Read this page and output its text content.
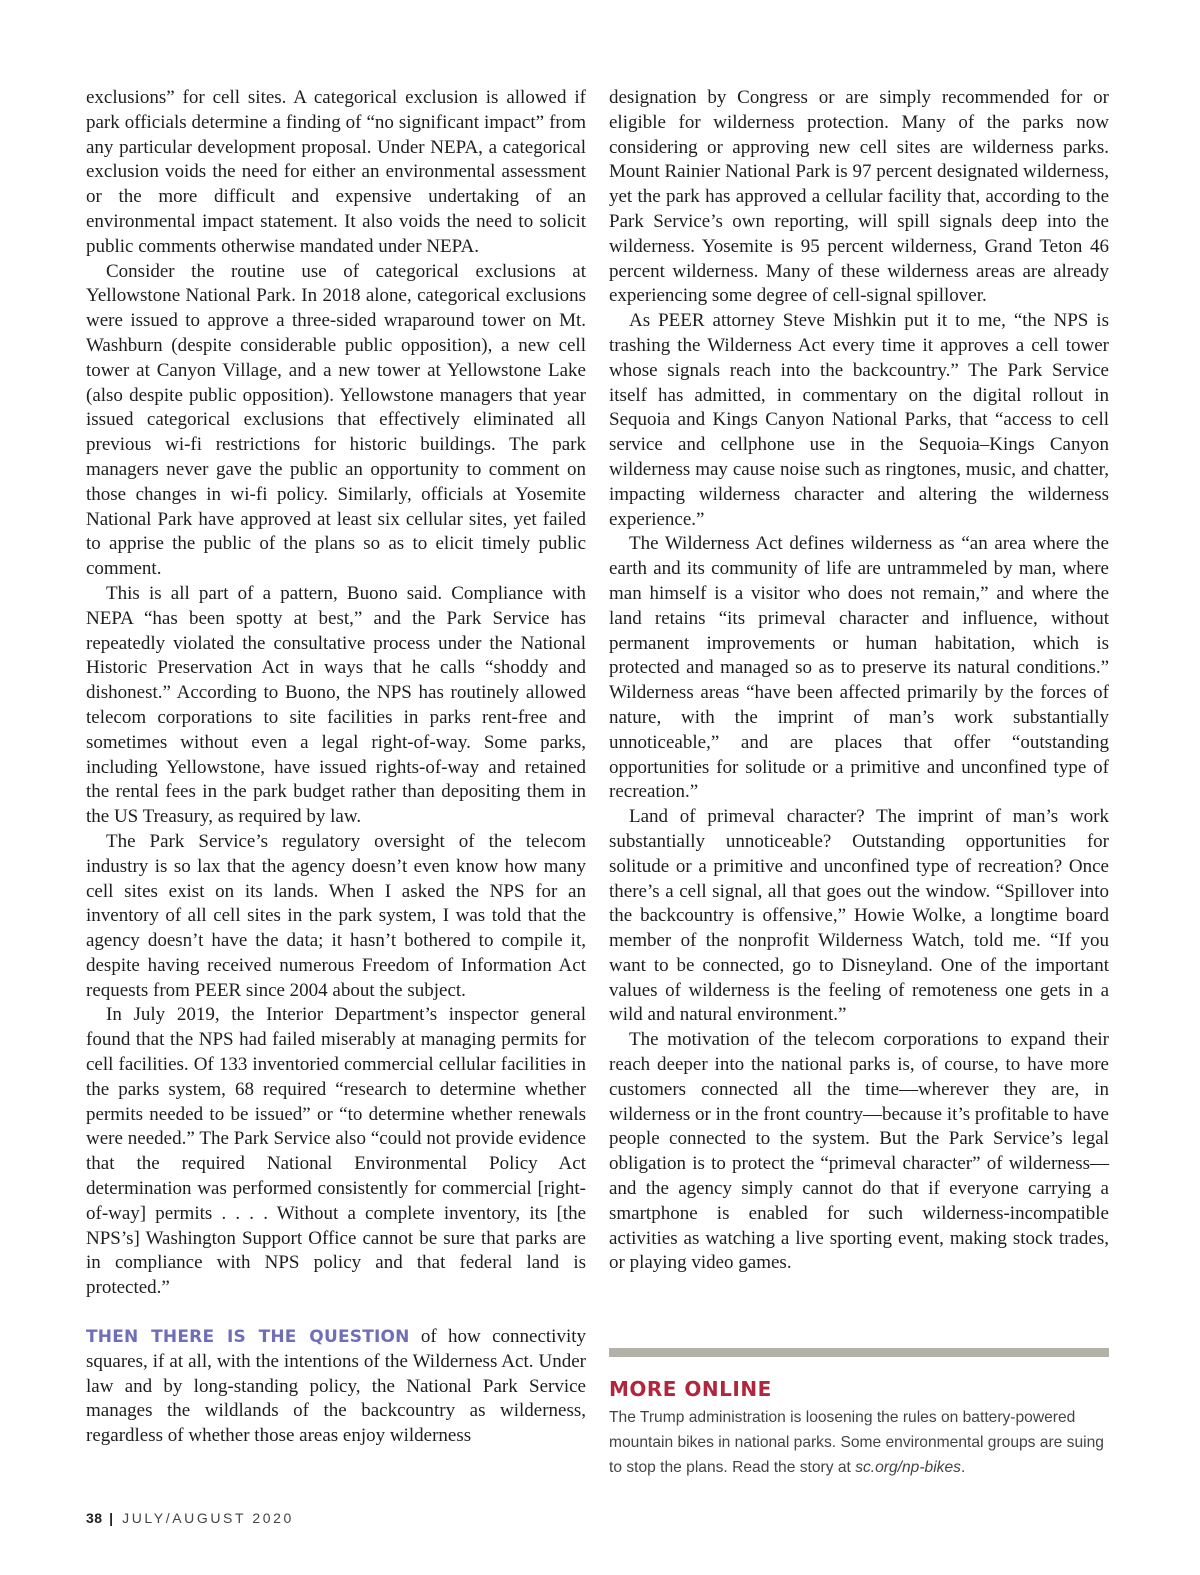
exclusions” for cell sites. A categorical exclusion is allowed if park officials determine a finding of “no significant impact” from any particular development proposal. Under NEPA, a categorical exclusion voids the need for either an environmental assessment or the more difficult and expensive undertaking of an environmental impact statement. It also voids the need to solicit public comments otherwise mandated under NEPA.

Consider the routine use of categorical exclusions at Yellowstone National Park. In 2018 alone, categorical exclusions were issued to approve a three-sided wraparound tower on Mt. Washburn (despite considerable public opposition), a new cell tower at Canyon Village, and a new tower at Yellowstone Lake (also despite public opposition). Yellowstone managers that year issued categorical exclusions that effectively eliminated all previous wi-fi restrictions for historic buildings. The park managers never gave the public an opportunity to comment on those changes in wi-fi policy. Similarly, officials at Yosemite National Park have approved at least six cellular sites, yet failed to apprise the public of the plans so as to elicit timely public comment.

This is all part of a pattern, Buono said. Compliance with NEPA “has been spotty at best,” and the Park Service has repeatedly violated the consultative process under the National Historic Preservation Act in ways that he calls “shoddy and dishonest.” According to Buono, the NPS has routinely allowed telecom corporations to site facilities in parks rent-free and sometimes without even a legal right-of-way. Some parks, including Yellowstone, have issued rights-of-way and retained the rental fees in the park budget rather than depositing them in the US Treasury, as required by law.

The Park Service’s regulatory oversight of the telecom industry is so lax that the agency doesn’t even know how many cell sites exist on its lands. When I asked the NPS for an inventory of all cell sites in the park system, I was told that the agency doesn’t have the data; it hasn’t bothered to compile it, despite having received numerous Freedom of Information Act requests from PEER since 2004 about the subject.

In July 2019, the Interior Department’s inspector general found that the NPS had failed miserably at managing permits for cell facilities. Of 133 inventoried commercial cellular facilities in the parks system, 68 required “research to determine whether permits needed to be issued” or “to determine whether renewals were needed.” The Park Service also “could not provide evidence that the required National Environmental Policy Act determination was performed consistently for commercial [right-of-way] permits . . . . Without a complete inventory, its [the NPS’s] Washington Support Office cannot be sure that parks are in compliance with NPS policy and that federal land is protected.”

THEN THERE IS THE QUESTION of how connectivity squares, if at all, with the intentions of the Wilderness Act. Under law and by long-standing policy, the National Park Service manages the wildlands of the backcountry as wilderness, regardless of whether those areas enjoy wilderness

designation by Congress or are simply recommended for or eligible for wilderness protection. Many of the parks now considering or approving new cell sites are wilderness parks. Mount Rainier National Park is 97 percent designated wilderness, yet the park has approved a cellular facility that, according to the Park Service’s own reporting, will spill signals deep into the wilderness. Yosemite is 95 percent wilderness, Grand Teton 46 percent wilderness. Many of these wilderness areas are already experiencing some degree of cell-signal spillover.

As PEER attorney Steve Mishkin put it to me, “the NPS is trashing the Wilderness Act every time it approves a cell tower whose signals reach into the backcountry.” The Park Service itself has admitted, in commentary on the digital rollout in Sequoia and Kings Canyon National Parks, that “access to cell service and cellphone use in the Sequoia–Kings Canyon wilderness may cause noise such as ringtones, music, and chatter, impacting wilderness character and altering the wilderness experience.”

The Wilderness Act defines wilderness as “an area where the earth and its community of life are untrammeled by man, where man himself is a visitor who does not remain,” and where the land retains “its primeval character and influence, without permanent improvements or human habitation, which is protected and managed so as to preserve its natural conditions.” Wilderness areas “have been affected primarily by the forces of nature, with the imprint of man’s work substantially unnoticeable,” and are places that offer “outstanding opportunities for solitude or a primitive and unconfined type of recreation.”

Land of primeval character? The imprint of man’s work substantially unnoticeable? Outstanding opportunities for solitude or a primitive and unconfined type of recreation? Once there’s a cell signal, all that goes out the window. “Spillover into the backcountry is offensive,” Howie Wolke, a longtime board member of the nonprofit Wilderness Watch, told me. “If you want to be connected, go to Disneyland. One of the important values of wilderness is the feeling of remoteness one gets in a wild and natural environment.”

The motivation of the telecom corporations to expand their reach deeper into the national parks is, of course, to have more customers connected all the time—wherever they are, in wilderness or in the front country—because it’s profitable to have people connected to the system. But the Park Service’s legal obligation is to protect the “primeval character” of wilderness—and the agency simply cannot do that if everyone carrying a smartphone is enabled for such wilderness-incompatible activities as watching a live sporting event, making stock trades, or playing video games.

MORE ONLINE
The Trump administration is loosening the rules on battery-powered mountain bikes in national parks. Some environmental groups are suing to stop the plans. Read the story at sc.org/np-bikes.
38 | JULY/AUGUST 2020
